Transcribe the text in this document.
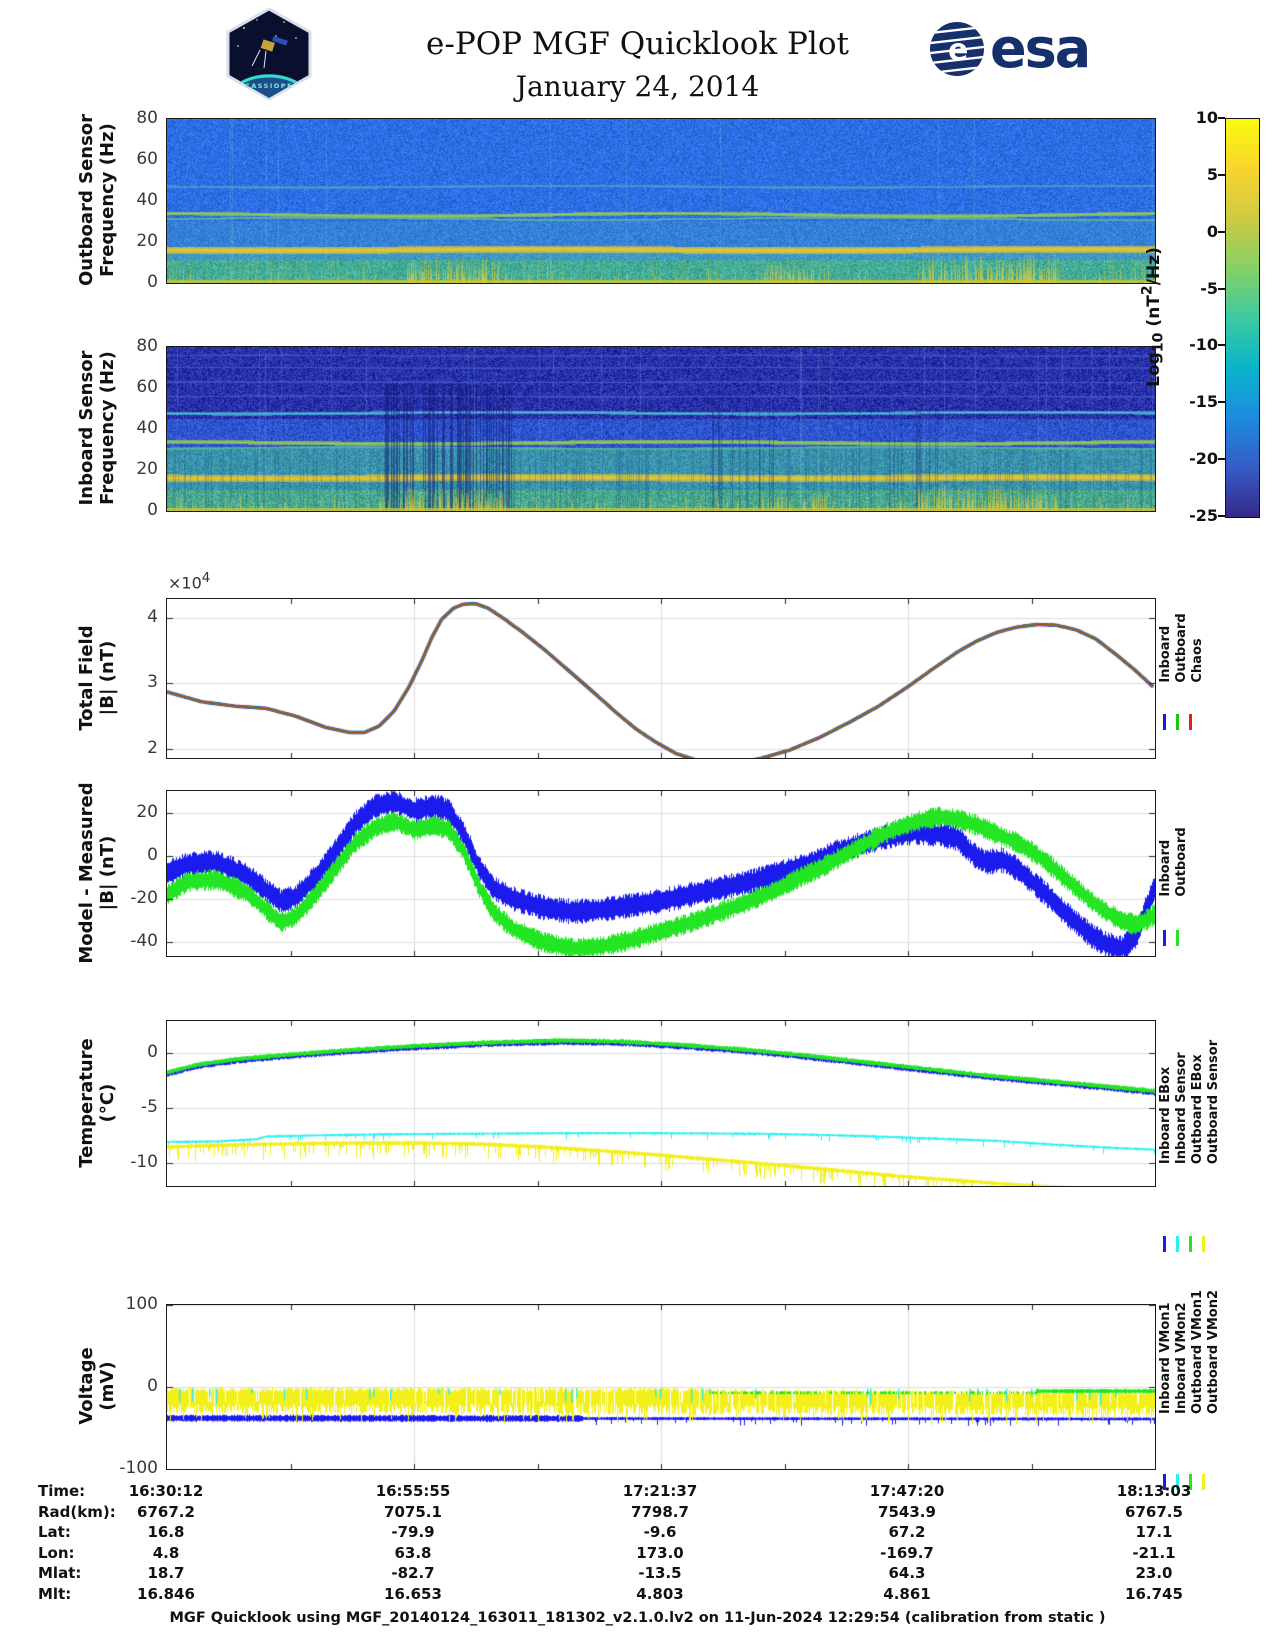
CASSIOPE
e-POP MGF Quicklook Plot
January 24, 2014
e esa
Outboard Sensor Frequency (Hz)
Inboard Sensor Frequency (Hz)
Total Field |B| (nT)
Model - Measured |B| (nT)
Temperature (°C)
Voltage (mV)
$\times 10^4$
Log$_{10}$ $(nT^2/Hz)$
MGF Quicklook using MGF_20140124_163011_181302_v2.1.0.lv2 on 11-Jun-2024 12:29:54 (calibration from static )
0
20
40
60
80
0
20
40
60
80
2
3
4
20
0
-20
-40
0
-5
-10
100
0
-100
10
5
0
-5
-10
-15
-20
-25
Inboard Outboard Chaos
Inboard Outboard
Inboard EBox Inboard Sensor Outboard EBox Outboard Sensor
Inboard VMon1 Inboard VMon2 Outboard VMon1 Outboard VMon2
Time:	16:30:12	16:55:55	17:21:37	17:47:20	18:13:03
Rad(km):	6767.2	7075.1	7798.7	7543.9	6767.5
Lat:	16.8	-79.9	-9.6	67.2	17.1
Lon:	4.8	63.8	173.0	-169.7	-21.1
Mlat:	18.7	-82.7	-13.5	64.3	23.0
Mlt:	16.846	16.653	4.803	4.861	16.745
